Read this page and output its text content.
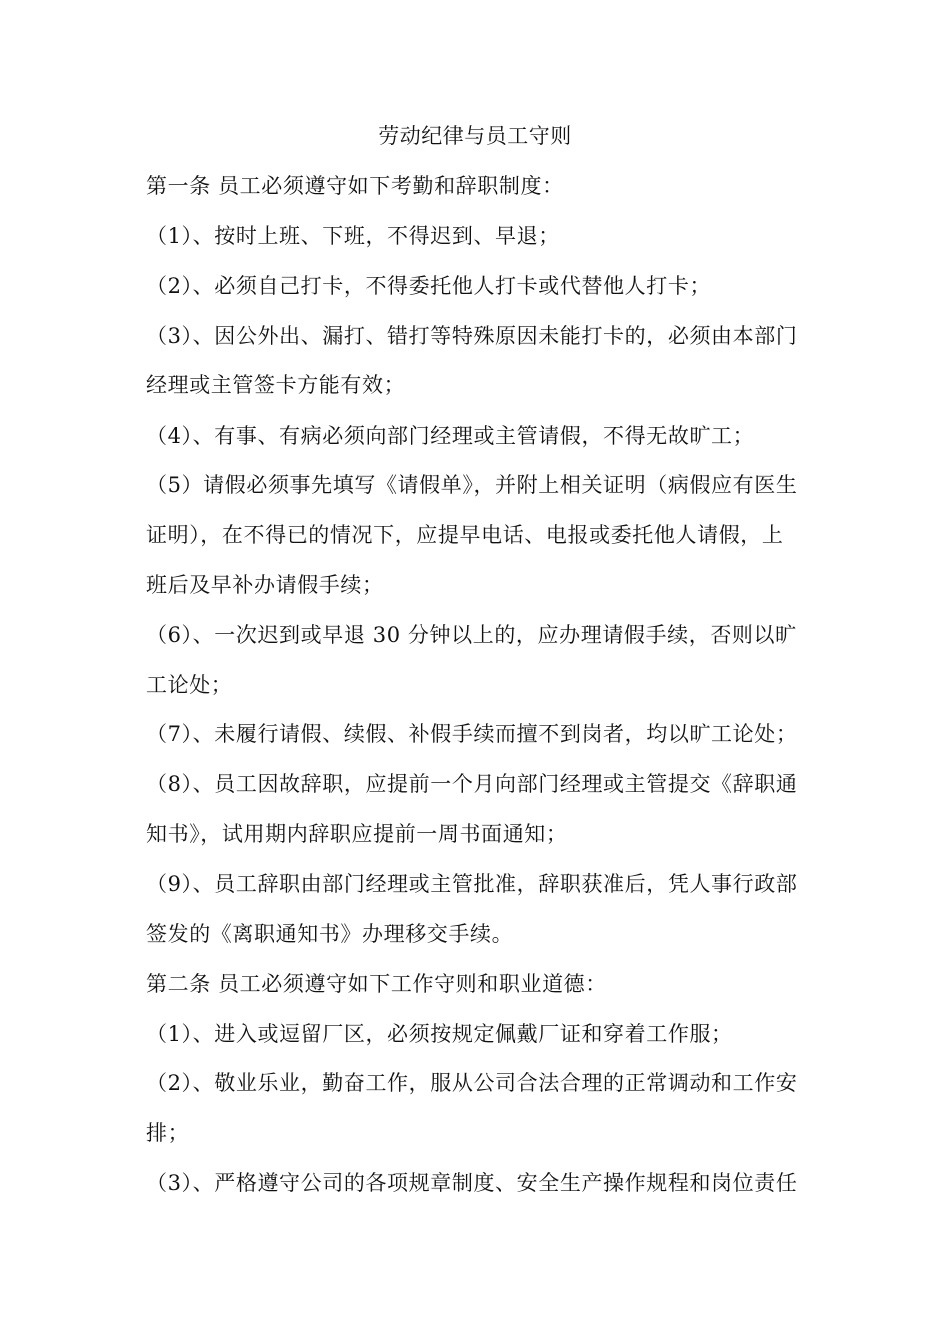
劳动纪律与员工守则
第一条 员工必须遵守如下考勤和辞职制度：
（1）、按时上班、下班，不得迟到、早退；
（2）、必须自己打卡，不得委托他人打卡或代替他人打卡；
（3）、因公外出、漏打、错打等特殊原因未能打卡的，必须由本部门
经理或主管签卡方能有效；
（4）、有事、有病必须向部门经理或主管请假，不得无故旷工；
（5）请假必须事先填写《请假单》，并附上相关证明（病假应有医生
证明），在不得已的情况下，应提早电话、电报或委托他人请假，上
班后及早补办请假手续；
（6）、一次迟到或早退 30 分钟以上的，应办理请假手续，否则以旷
工论处；
（7）、未履行请假、续假、补假手续而擅不到岗者，均以旷工论处；
（8）、员工因故辞职，应提前一个月向部门经理或主管提交《辞职通
知书》，试用期内辞职应提前一周书面通知；
（9）、员工辞职由部门经理或主管批准，辞职获准后，凭人事行政部
签发的《离职通知书》办理移交手续。
第二条 员工必须遵守如下工作守则和职业道德：
（1）、进入或逗留厂区，必须按规定佩戴厂证和穿着工作服；
（2）、敬业乐业，勤奋工作，服从公司合法合理的正常调动和工作安
排；
（3）、严格遵守公司的各项规章制度、安全生产操作规程和岗位责任
